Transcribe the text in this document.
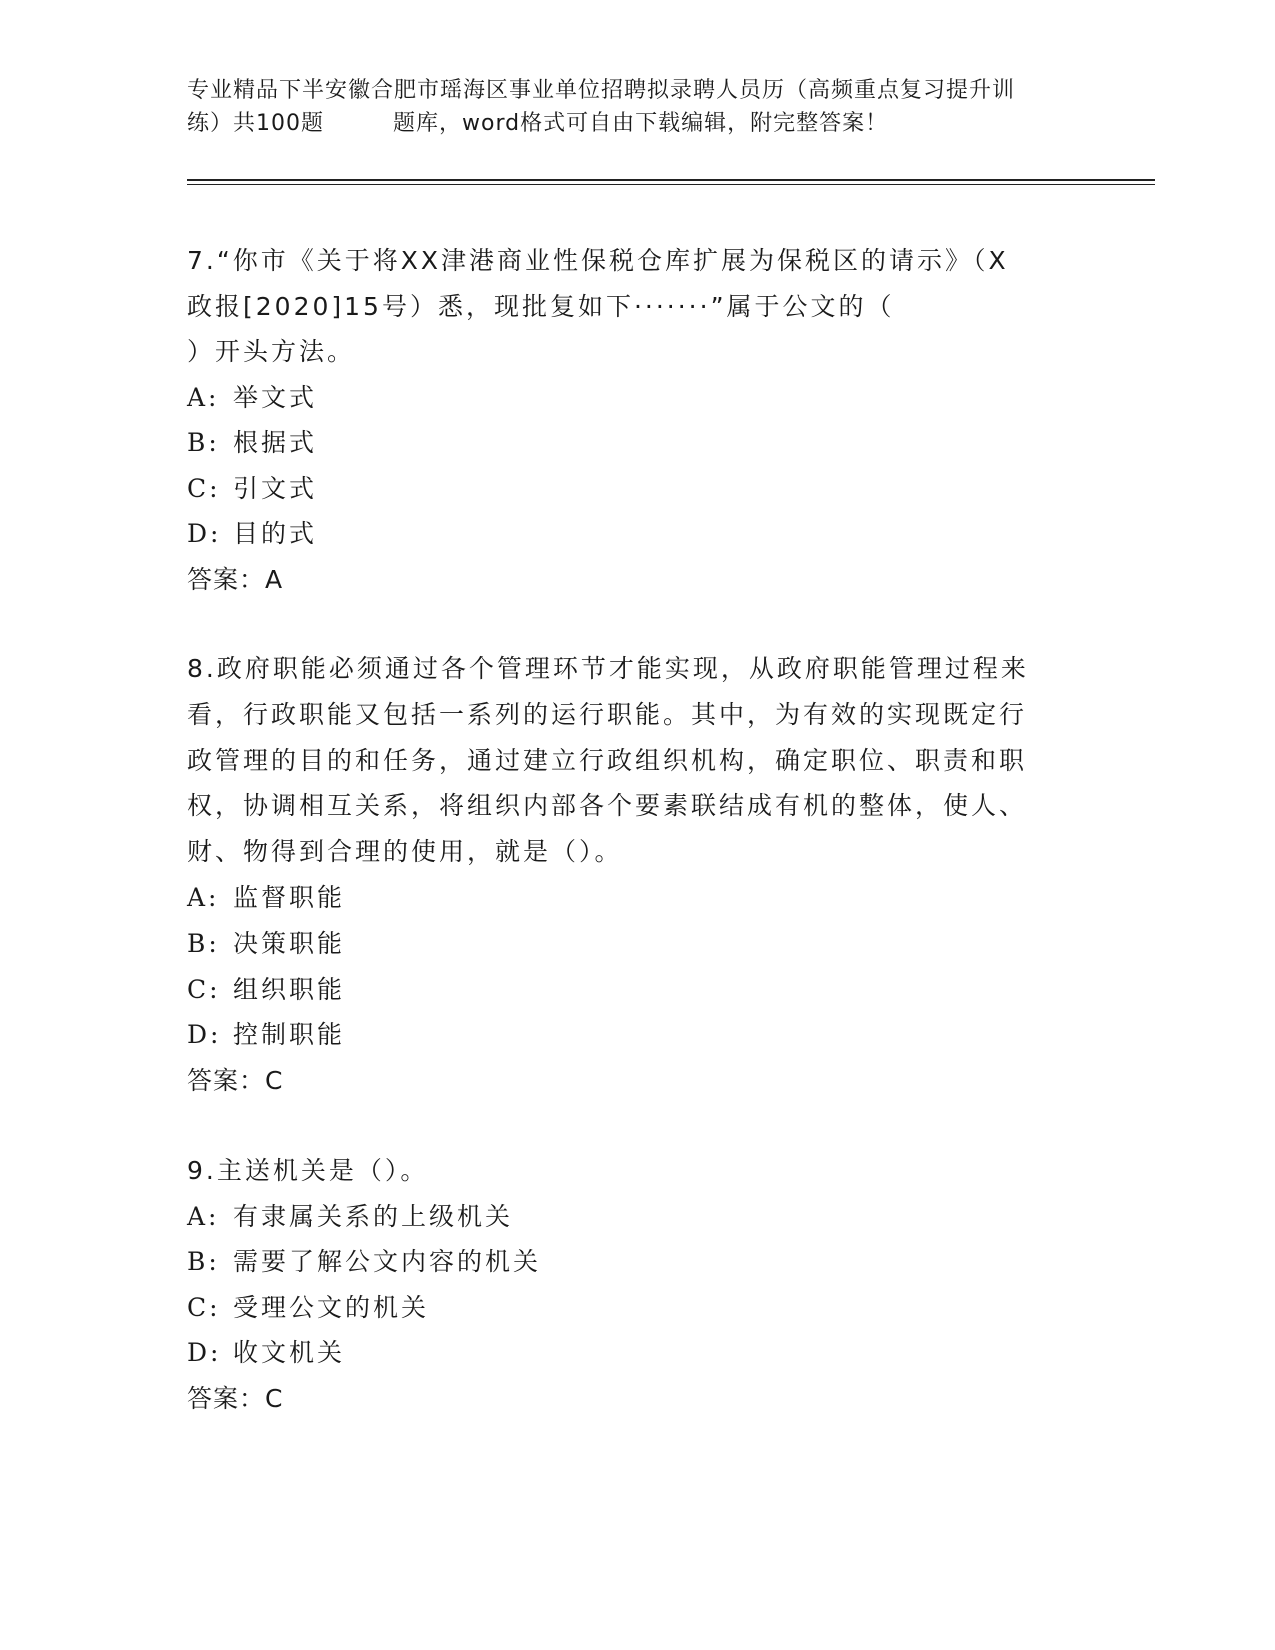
专业精品下半安徽合肥市瑶海区事业单位招聘拟录聘人员历（高频重点复习提升训
练）共100题　　　题库，word格式可自由下载编辑，附完整答案！
7.“你市《关于将XX津港商业性保税仓库扩展为保税区的请示》（X
政报[2020]15号）悉，现批复如下·······”属于公文的（
）开头方法。
A: 举文式
B: 根据式
C: 引文式
D: 目的式
答案：A
8.政府职能必须通过各个管理环节才能实现，从政府职能管理过程来
看，行政职能又包括一系列的运行职能。其中，为有效的实现既定行
政管理的目的和任务，通过建立行政组织机构，确定职位、职责和职
权，协调相互关系，将组织内部各个要素联结成有机的整体，使人、
财、物得到合理的使用，就是（）。
A: 监督职能
B: 决策职能
C: 组织职能
D: 控制职能
答案：C
9.主送机关是（）。
A: 有隶属关系的上级机关
B: 需要了解公文内容的机关
C: 受理公文的机关
D: 收文机关
答案：C
